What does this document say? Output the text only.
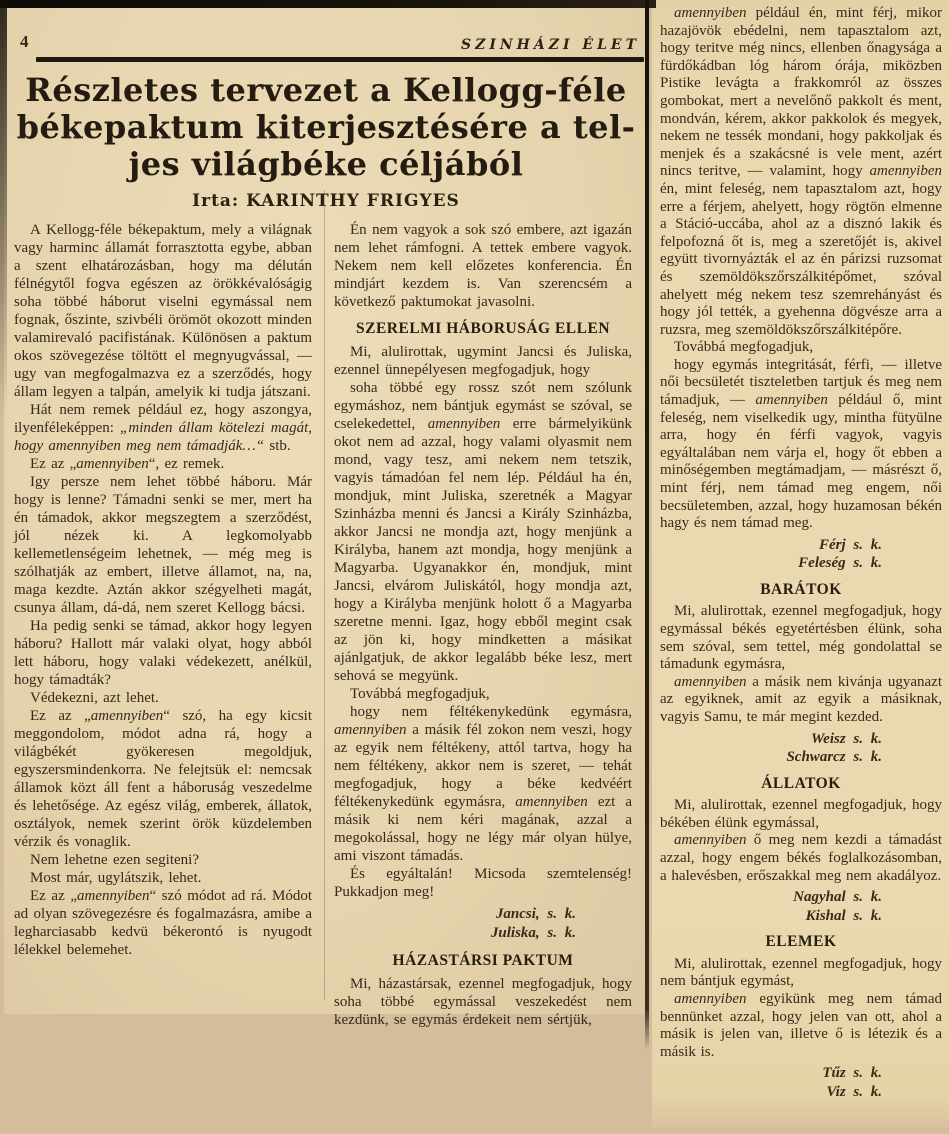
4	SZINHÁZI ÉLET
Részletes tervezet a Kellogg-féle
békepaktum kiterjesztésére a tel-
jes világbéke céljából
Irta: KARINTHY FRIGYES

A Kellogg-féle békepaktum, mely a világnak vagy harminc államát forrasztotta egybe, abban a szent elhatározásban, hogy ma délután félnégytől fogva egészen az örökkévalóságig soha többé háborut viselni egymással nem fognak, őszinte, szivbéli örömöt okozott minden valamirevaló pacifistának. Különösen a paktum okos szövegezése töltött el megnyugvással, — ugy van megfogalmazva ez a szerződés, hogy állam legyen a talpán, amelyik ki tudja játszani.

Hát nem remek például ez, hogy aszongya, ilyenféleképpen: „minden állam kötelezi magát, hogy amennyiben meg nem támadják…“ stb.

Ez az „amennyiben“, ez remek.

Igy persze nem lehet többé háboru. Már hogy is lenne? Támadni senki se mer, mert ha én támadok, akkor megszegtem a szerződést, jól nézek ki. A legkomolyabb kellemetlenségeim lehetnek, — még meg is szólhatják az embert, illetve államot, na, na, maga kezdte. Aztán akkor szégyelheti magát, csunya állam, dá-dá, nem szeret Kellogg bácsi.

Ha pedig senki se támad, akkor hogy legyen háboru? Hallott már valaki olyat, hogy abból lett háboru, hogy valaki védekezett, anélkül, hogy támadták?

Védekezni, azt lehet.

Ez az „amennyiben“ szó, ha egy kicsit meggondolom, módot adna rá, hogy a világbékét gyökeresen megoldjuk, egyszersmindenkorra. Ne felejtsük el: nemcsak államok közt áll fent a háboruság veszedelme és lehetősége. Az egész világ, emberek, állatok, osztályok, nemek szerint örök küzdelemben vérzik és vonaglik.

Nem lehetne ezen segiteni?

Most már, ugylátszik, lehet.

Ez az „amennyiben“ szó módot ad rá. Módot ad olyan szövegezésre és fogalmazásra, amibe a legharciasabb kedvü békerontó is nyugodt lélekkel belemehet.

Én nem vagyok a sok szó embere, azt igazán nem lehet rámfogni. A tettek embere vagyok. Nekem nem kell előzetes konferencia. Én mindjárt kezdem is. Van szerencsém a következő paktumokat javasolni.

SZERELMI HÁBORUSÁG ELLEN

Mi, alulirottak, ugymint Jancsi és Juliska, ezennel ünnepélyesen megfogadjuk, hogy

soha többé egy rossz szót nem szólunk egymáshoz, nem bántjuk egymást se szóval, se cselekedettel, amennyiben erre bármelyikünk okot nem ad azzal, hogy valami olyasmit nem mond, vagy tesz, ami nekem nem tetszik, vagyis támadóan fel nem lép. Például ha én, mondjuk, mint Juliska, szeretnék a Magyar Szinházba menni és Jancsi a Király Szinházba, akkor Jancsi ne mondja azt, hogy menjünk a Királyba, hanem azt mondja, hogy menjünk a Magyarba. Ugyanakkor én, mondjuk, mint Jancsi, elvárom Juliskától, hogy mondja azt, hogy a Királyba menjünk holott ő a Magyarba szeretne menni. Igaz, hogy ebből megint csak az jön ki, hogy mindketten a másikat ajánlgatjuk, de akkor legalább béke lesz, mert sehová se megyünk.

Továbbá megfogadjuk,

hogy nem féltékenykedünk egymásra, amennyiben a másik fél zokon nem veszi, hogy az egyik nem féltékeny, attól tartva, hogy ha nem féltékeny, akkor nem is szeret, — tehát megfogadjuk, hogy a béke kedvéért féltékenykedünk egymásra, amennyiben ezt a másik ki nem kéri magának, azzal a megokolással, hogy ne légy már olyan hülye, ami viszont támadás.

És egyáltalán! Micsoda szemtelenség! Pukkadjon meg!

Jancsi, s. k.
Juliska, s. k.
HÁZASTÁRSI PAKTUM

Mi, házastársak, ezennel megfogadjuk, hogy soha többé egymással veszekedést nem kezdünk, se egymás érdekeit nem sértjük,

amennyiben például én, mint férj, mikor hazajövök ebédelni, nem tapasztalom azt, hogy teritve még nincs, ellenben őnagysága a fürdőkádban lóg három órája, miközben Pistike levágta a frakkomról az összes gombokat, mert a nevelőnő pakkolt és ment, mondván, kérem, akkor pakkolok és megyek, nekem ne tessék mondani, hogy pakkoljak és menjek és a szakácsné is vele ment, azért nincs teritve, — valamint, hogy amennyiben én, mint feleség, nem tapasztalom azt, hogy erre a férjem, ahelyett, hogy rögtön elmenne a Stáció-uccába, ahol az a disznó lakik és felpofozná őt is, meg a szeretőjét is, akivel együtt tivornyázták el az én párizsi ruzsomat és szemöldökszőrszálkitépőmet, szóval ahelyett még nekem tesz szemrehányást és hogy jól tették, a gyehenna dögvésze arra a ruzsra, meg szemöldökszőrszálkitépőre.

Továbbá megfogadjuk,

hogy egymás integritását, férfi, — illetve női becsületét tiszteletben tartjuk és meg nem támadjuk, — amennyiben például ő, mint feleség, nem viselkedik ugy, mintha fütyülne arra, hogy én férfi vagyok, vagyis egyáltalában nem várja el, hogy őt ebben a minőségemben megtámadjam, — másrészt ő, mint férj, nem támad meg engem, női becsületemben, azzal, hogy huzamosan békén hagy és nem támad meg.

Férj s. k.
Feleség s. k.
BARÁTOK

Mi, alulirottak, ezennel megfogadjuk, hogy egymással békés egyetértésben élünk, soha sem szóval, sem tettel, még gondolattal se támadunk egymásra,

amennyiben a másik nem kivánja ugyanazt az egyiknek, amit az egyik a másiknak, vagyis Samu, te már megint kezded.

Weisz s. k.
Schwarcz s. k.
ÁLLATOK

Mi, alulirottak, ezennel megfogadjuk, hogy békében élünk egymással,

amennyiben ő meg nem kezdi a támadást azzal, hogy engem békés foglalkozásomban, a halevésben, erőszakkal meg nem akadályoz.

Nagyhal s. k.
Kishal s. k.
ELEMEK

Mi, alulirottak, ezennel megfogadjuk, hogy nem bántjuk egymást,

amennyiben egyikünk meg nem támad bennünket azzal, hogy jelen van ott, ahol a másik is jelen van, illetve ő is létezik és a másik is.

Tűz s. k.
Viz s. k.
